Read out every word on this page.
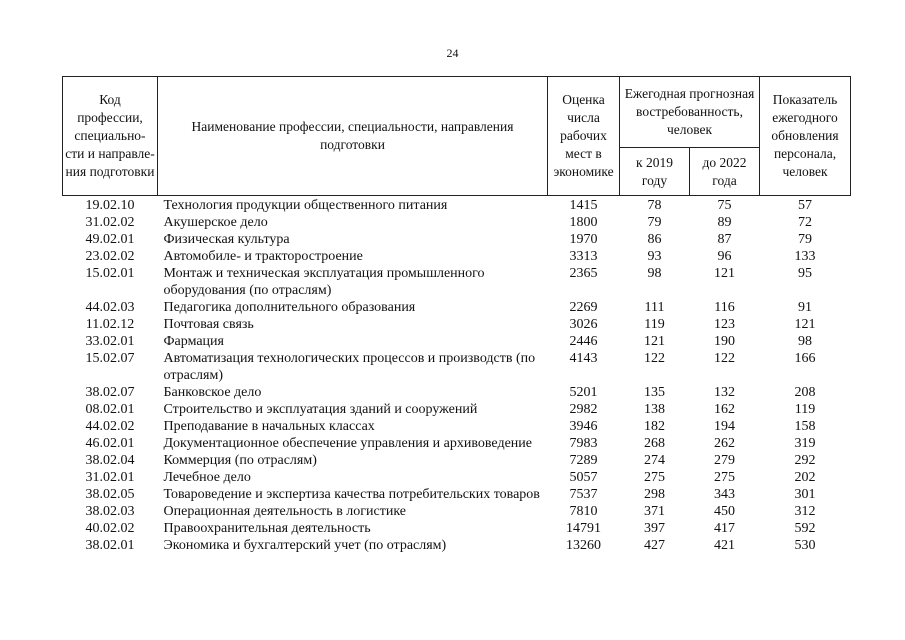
24
Код профессии, специально-сти и направле-ния подготовки	Наименование профессии, специальности, направления подготовки	Оценка числа рабочих мест в экономике	Ежегодная прогнозная востребованность, человек		Показатель ежегодного обновления персонала, человек
			к 2019 году	до 2022 года	
19.02.10	Технология продукции общественного питания	1415	78	75	57
31.02.02	Акушерское дело	1800	79	89	72
49.02.01	Физическая культура	1970	86	87	79
23.02.02	Автомобиле- и тракторостроение	3313	93	96	133
15.02.01	Монтаж и техническая эксплуатация промышленного оборудования (по отраслям)	2365	98	121	95
44.02.03	Педагогика дополнительного образования	2269	111	116	91
11.02.12	Почтовая связь	3026	119	123	121
33.02.01	Фармация	2446	121	190	98
15.02.07	Автоматизация технологических процессов и производств (по отраслям)	4143	122	122	166
38.02.07	Банковское дело	5201	135	132	208
08.02.01	Строительство и эксплуатация зданий и сооружений	2982	138	162	119
44.02.02	Преподавание в начальных классах	3946	182	194	158
46.02.01	Документационное обеспечение управления и архивоведение	7983	268	262	319
38.02.04	Коммерция (по отраслям)	7289	274	279	292
31.02.01	Лечебное дело	5057	275	275	202
38.02.05	Товароведение и экспертиза качества потребительских товаров	7537	298	343	301
38.02.03	Операционная деятельность в логистике	7810	371	450	312
40.02.02	Правоохранительная деятельность	14791	397	417	592
38.02.01	Экономика и бухгалтерский учет (по отраслям)	13260	427	421	530
